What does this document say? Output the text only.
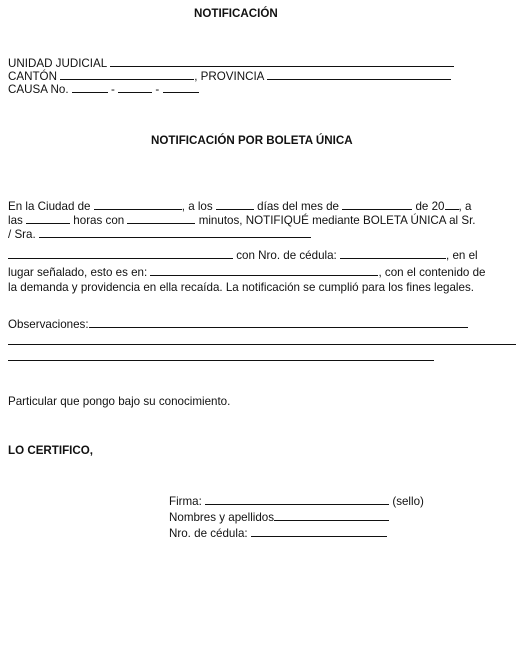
NOTIFICACIÓN
UNIDAD JUDICIAL
CANTÓN	, PROVINCIA
CAUSA No.	-	-
NOTIFICACIÓN POR BOLETA ÚNICA
En la Ciudad de	, a los	días del mes de	de 20 , a
las	horas con	minutos, NOTIFIQUÉ mediante BOLETA ÚNICA al Sr.
/ Sra.
con Nro. de cédula:	, en el
lugar señalado, esto es en:	, con el contenido de
la demanda y providencia en ella recaída. La notificación se cumplió para los fines legales.
Observaciones:
Particular que pongo bajo su conocimiento.
LO CERTIFICO,
Firma:	(sello)
Nombres y apellidos
Nro. de cédula:
